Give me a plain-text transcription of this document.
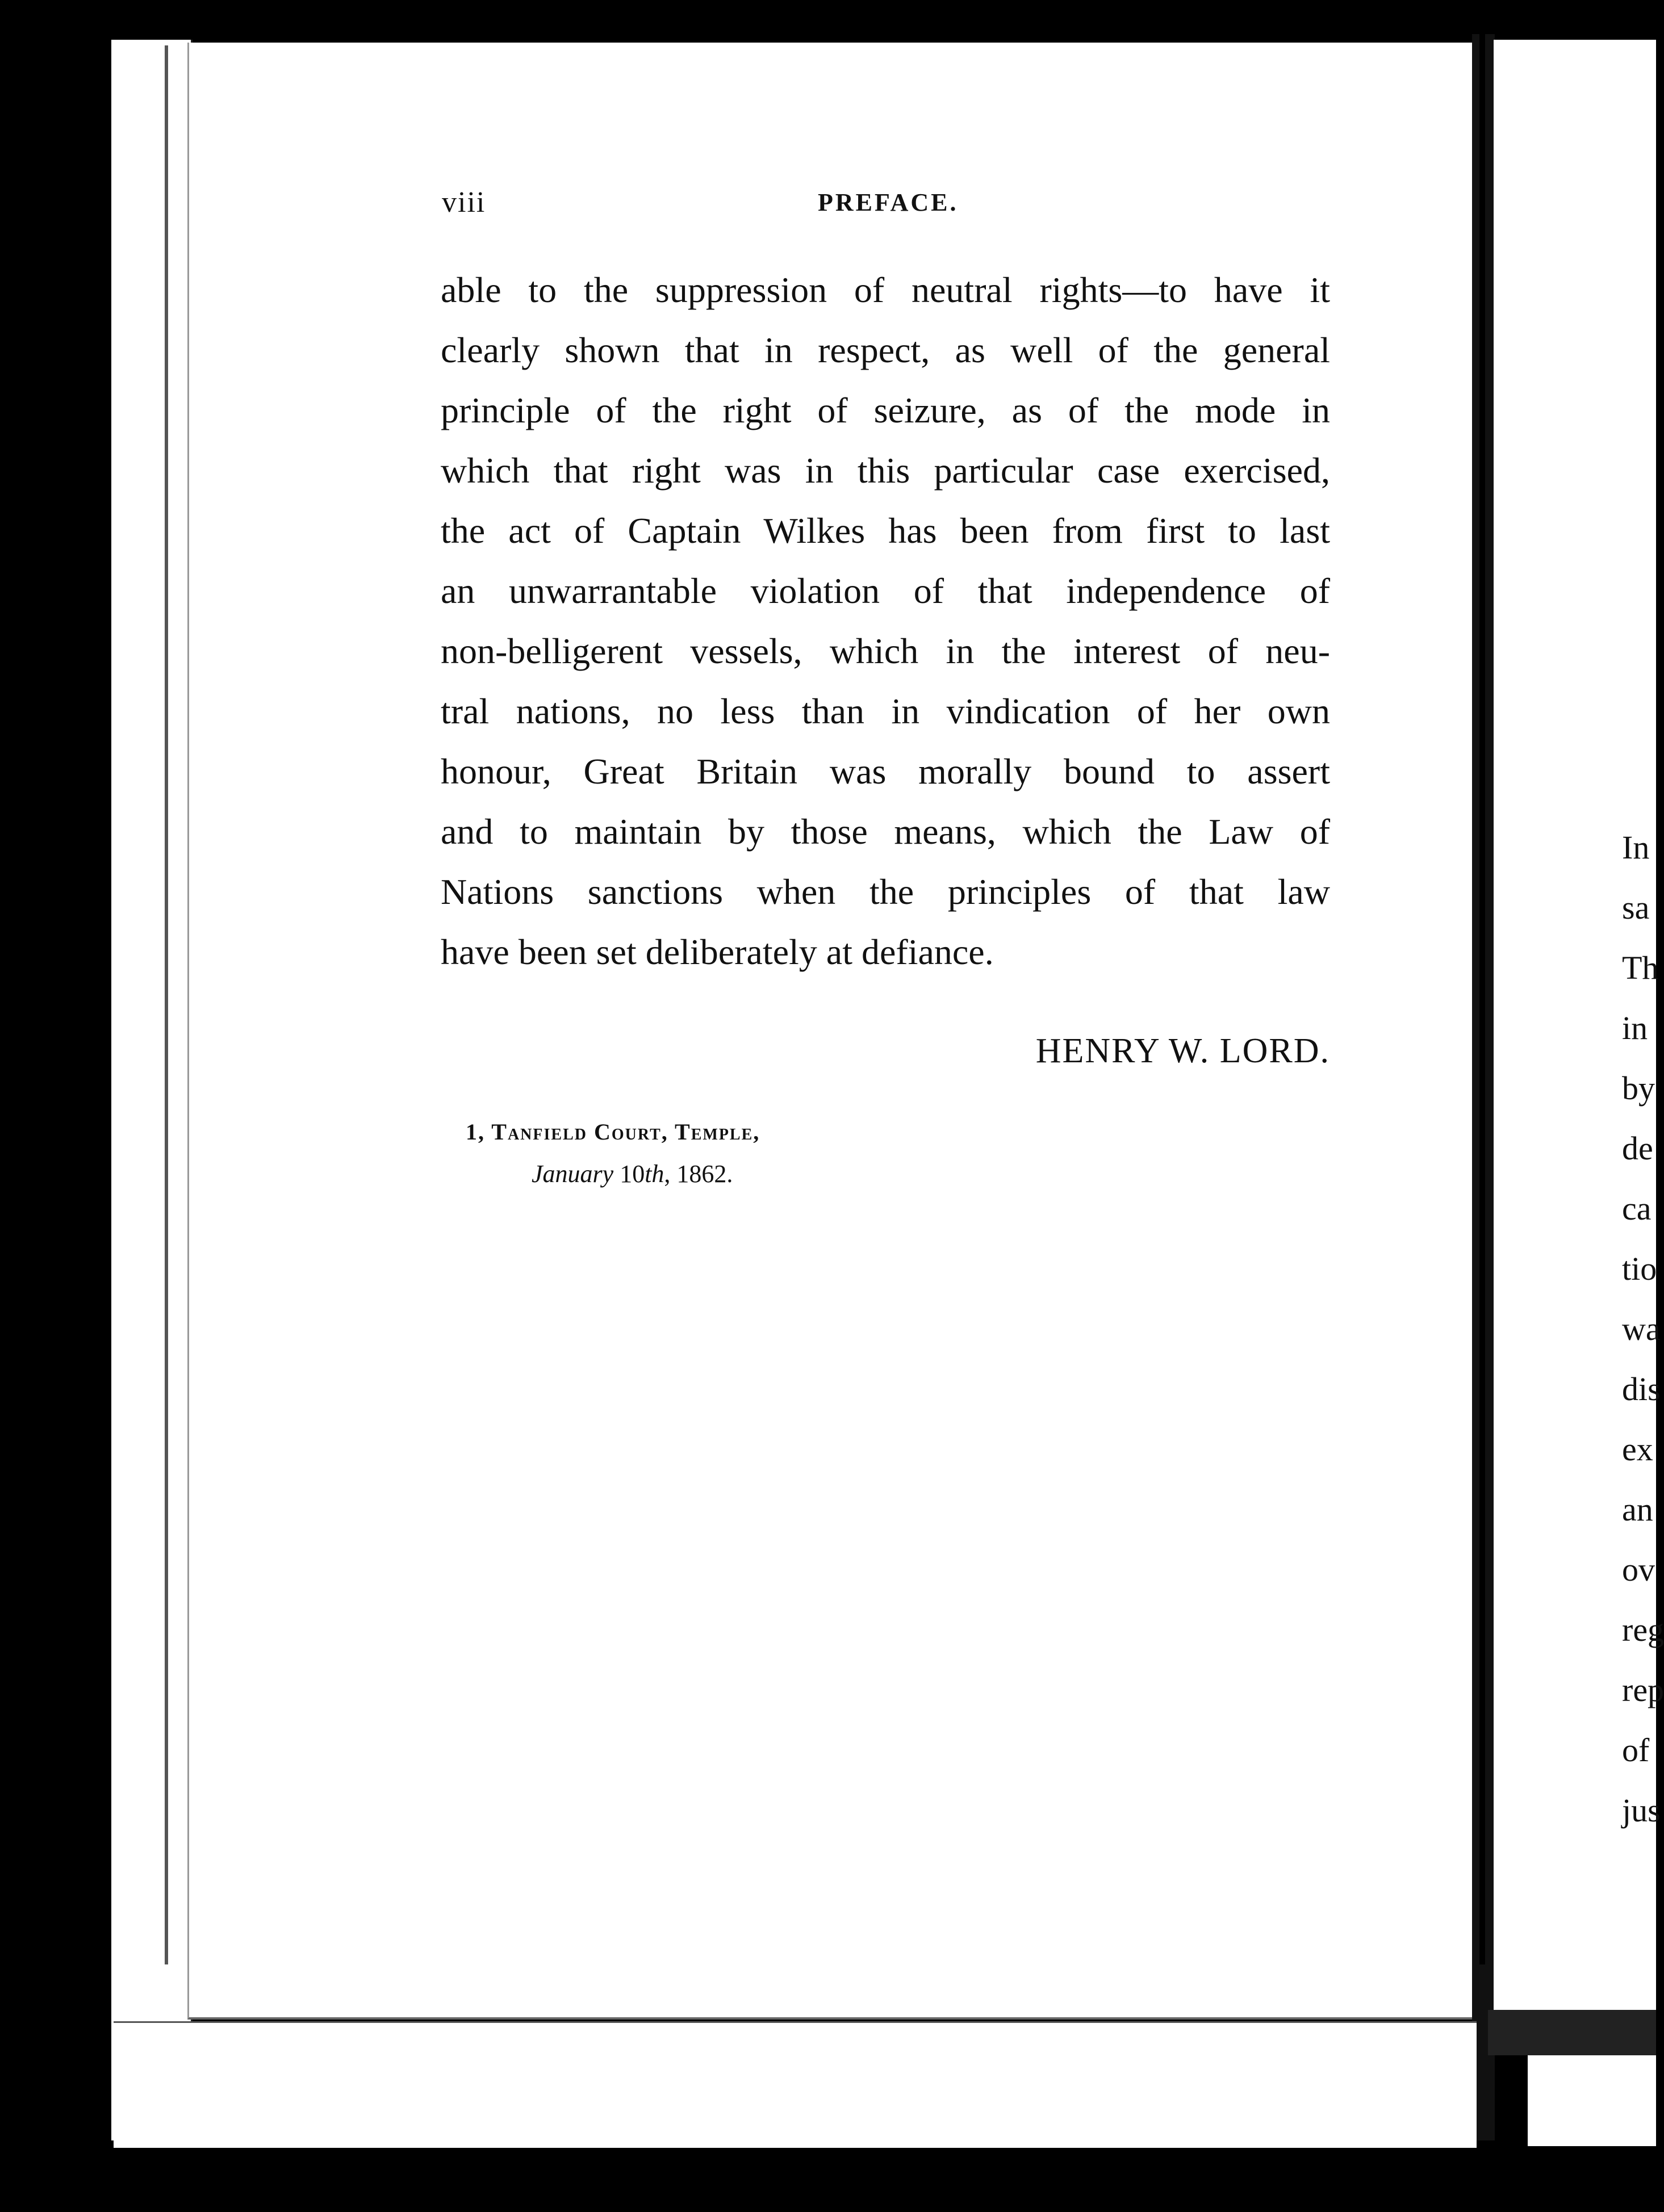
viii	PREFACE.
able to the suppression of neutral rights—to have it
clearly shown that in respect, as well of the general
principle of the right of seizure, as of the mode in
which that right was in this particular case exercised,
the act of Captain Wilkes has been from first to last
an unwarrantable violation of that independence of
non-belligerent vessels, which in the interest of neu-
tral nations, no less than in vindication of her own
honour, Great Britain was morally bound to assert
and to maintain by those means, which the Law of
Nations sanctions when the principles of that law
have been set deliberately at defiance.
HENRY W. LORD.
1, Tanfield Court, Temple,
January 10th, 1862.
In
sa
Th
in
by
de
ca
tio
wa
dis
ex
an
ov
reg
rep
of
jus
